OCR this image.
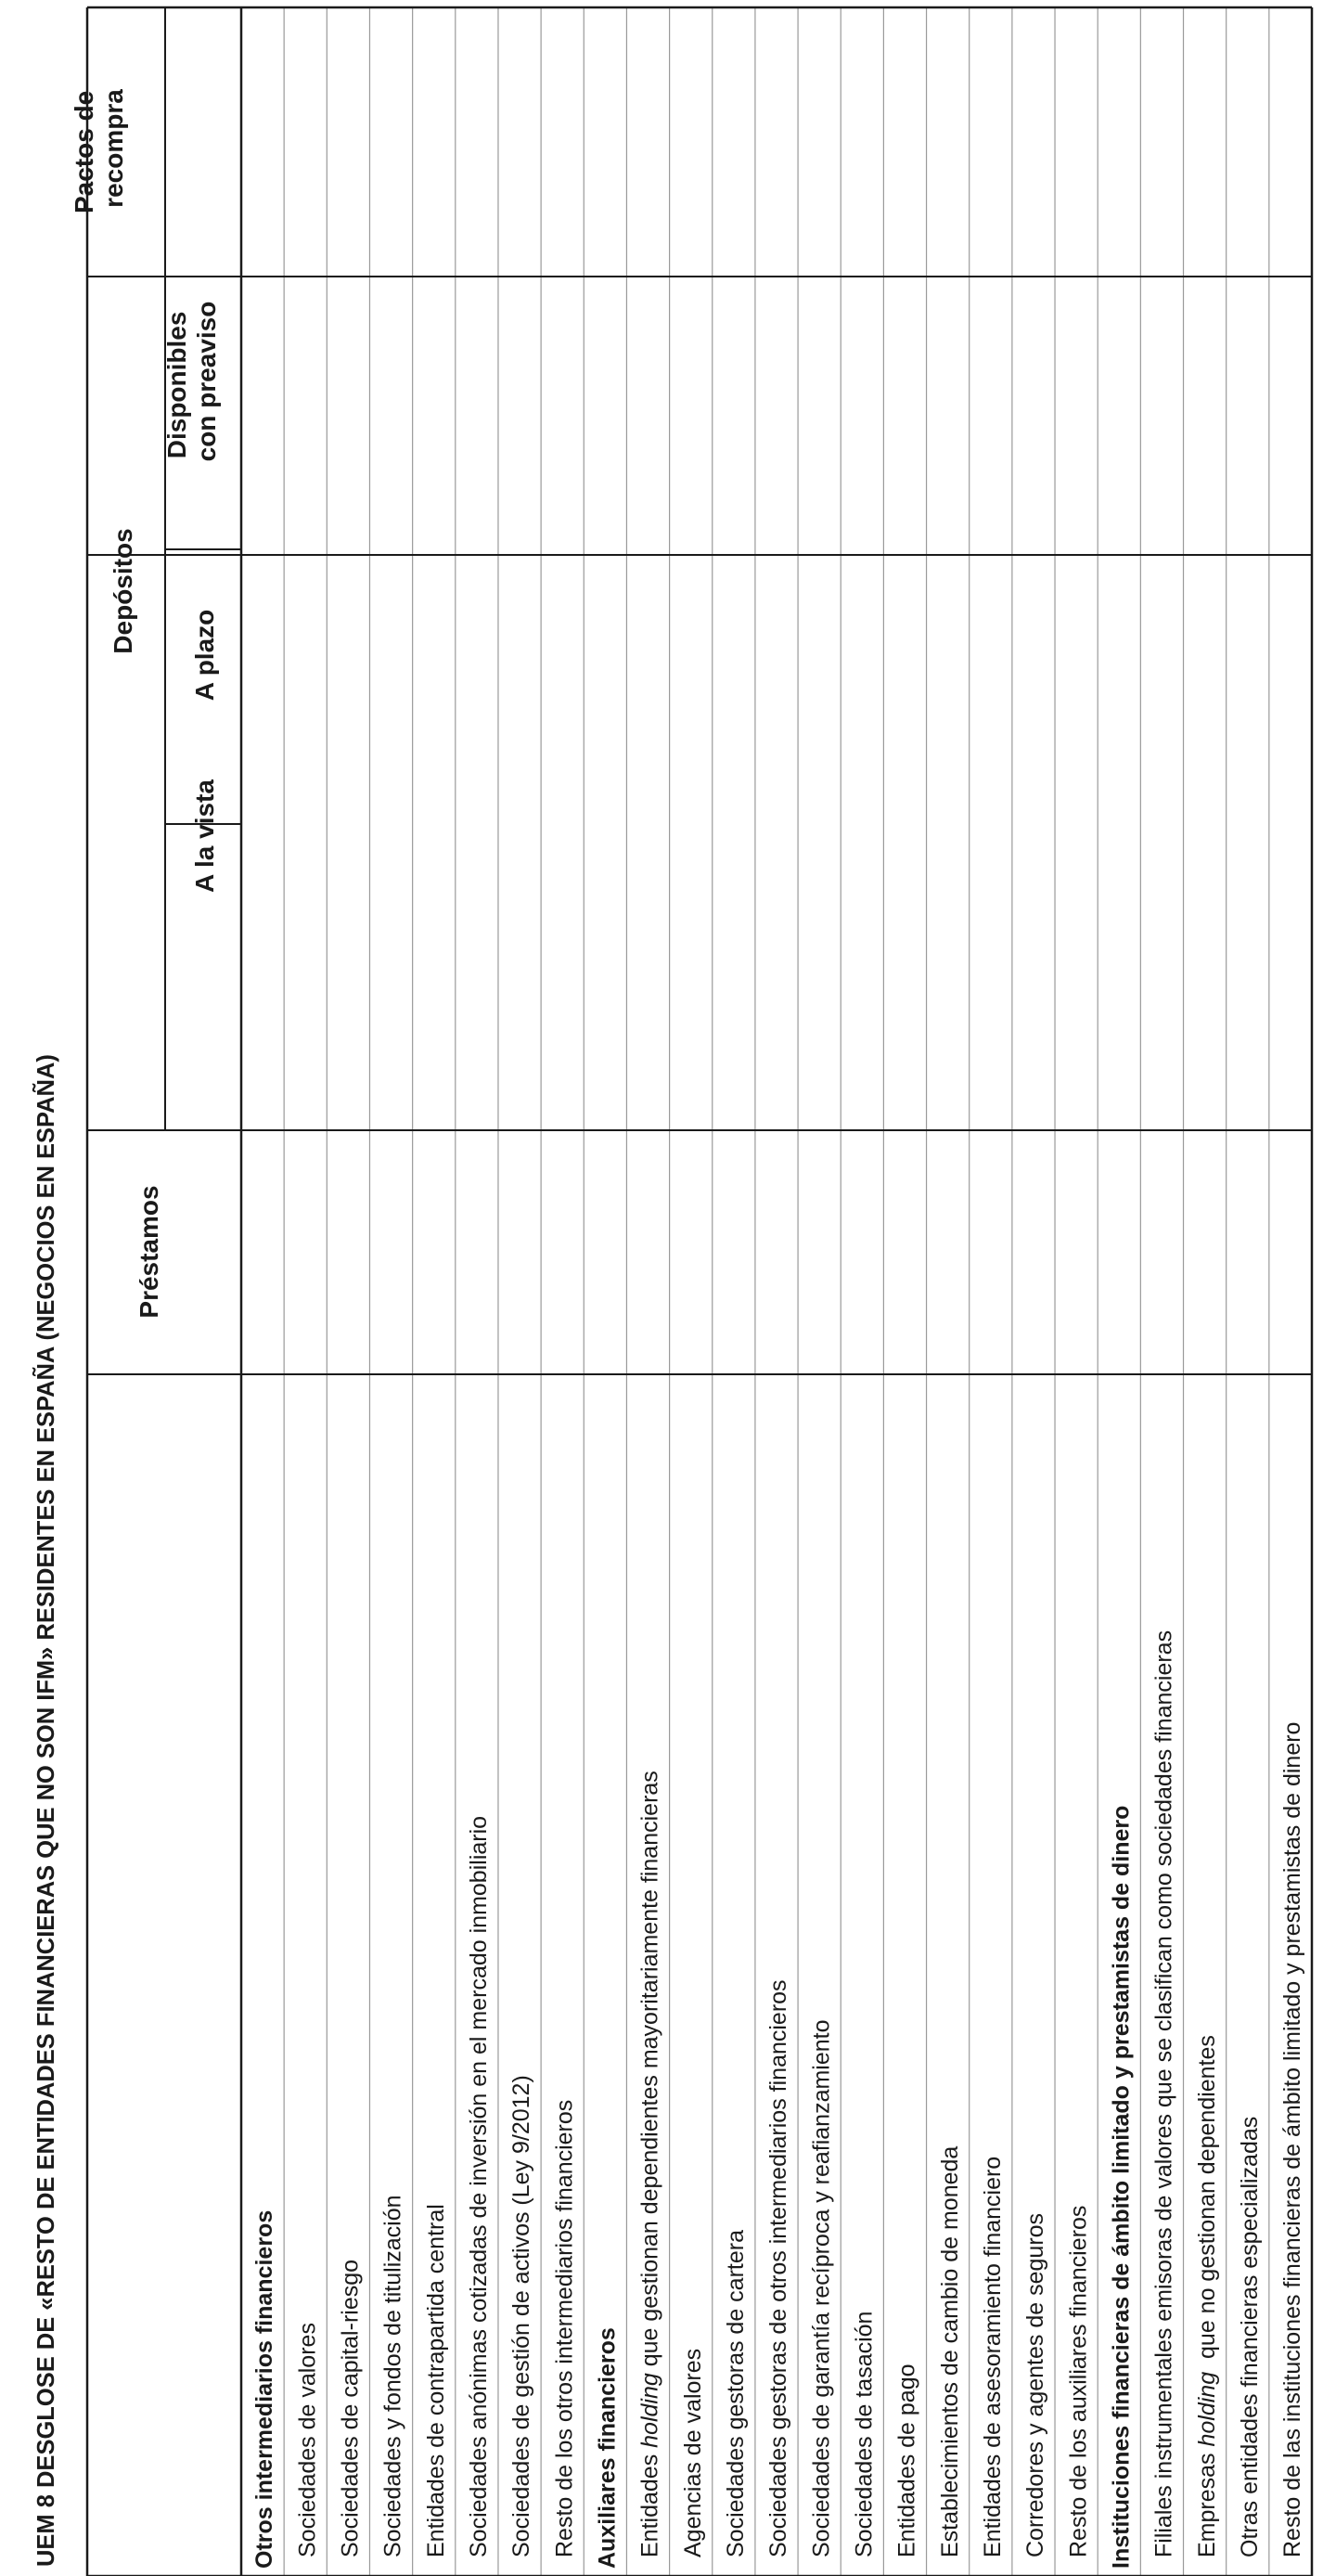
UEM 8 DESGLOSE DE «RESTO DE ENTIDADES FINANCIERAS QUE NO SON IFM» RESIDENTES EN ESPAÑA (NEGOCIOS EN ESPAÑA)	Préstamos
Depósitos
A la vista
A plazo
Disponibles con preaviso
Pactos de recompra
Otros intermediarios financieros Sociedades de valores Sociedades de capital-riesgo Sociedades y fondos de titulización Entidades de contrapartida central Sociedades anónimas cotizadas de inversión en el mercado inmobiliario Sociedades de gestión de activos (Ley 9/2012) Resto de los otros intermediarios financieros Auxiliares financieros Entidades holding que gestionan dependientes mayoritariamente financieras
Agencias de valores Sociedades gestoras de cartera Sociedades gestoras de otros intermediarios financieros Sociedades de garantía recíproca y reafianzamiento Sociedades de tasación Entidades de pago Establecimientos de cambio de moneda Entidades de asesoramiento financiero Corredores y agentes de seguros Resto de los auxiliares financieros Instituciones financieras de ámbito limitado y prestamistas de dinero Filiales instrumentales emisoras de valores que se clasifican como sociedades financieras Empresas holding  que no gestionan dependientes Otras entidades financieras especializadas Resto de las instituciones financieras de ámbito limitado y prestamistas de dinero
